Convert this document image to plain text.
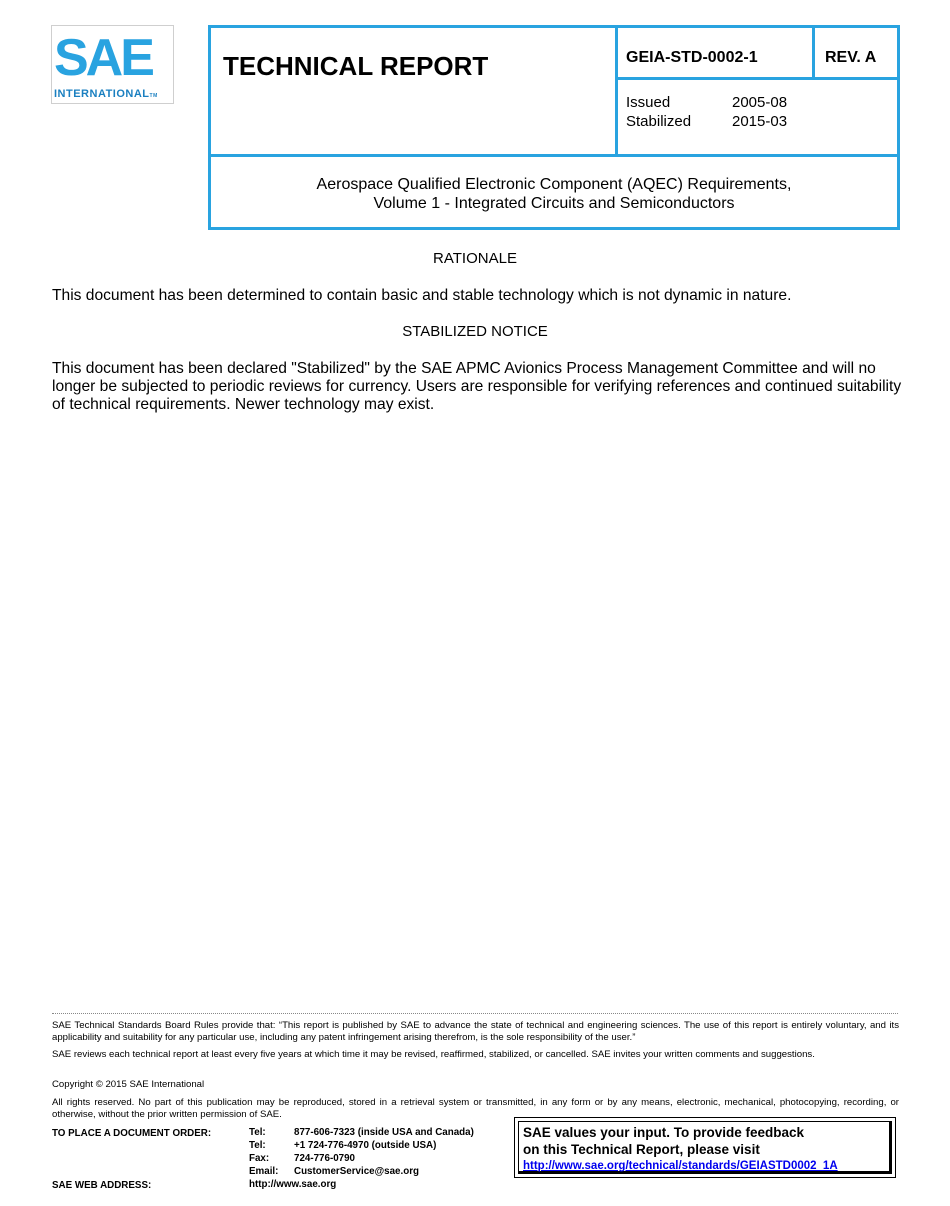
SAE
INTERNATIONALTM
TECHNICAL REPORT	GEIA-STD-0002-1	REV. A
Issued	2005-08
Stabilized	2015-03
Aerospace Qualified Electronic Component (AQEC) Requirements,
Volume 1 - Integrated Circuits and Semiconductors
RATIONALE
This document has been determined to contain basic and stable technology which is not dynamic in nature.
STABILIZED NOTICE
This document has been declared "Stabilized" by the SAE APMC Avionics Process Management Committee and will no longer be subjected to periodic reviews for currency. Users are responsible for verifying references and continued suitability of technical requirements. Newer technology may exist.
SAE Technical Standards Board Rules provide that: “This report is published by SAE to advance the state of technical and engineering sciences. The use of this report is entirely voluntary, and its applicability and suitability for any particular use, including any patent infringement arising therefrom, is the sole responsibility of the user.”
SAE reviews each technical report at least every five years at which time it may be revised, reaffirmed, stabilized, or cancelled. SAE invites your written comments and suggestions.
Copyright © 2015 SAE International
All rights reserved. No part of this publication may be reproduced, stored in a retrieval system or transmitted, in any form or by any means, electronic, mechanical, photocopying, recording, or otherwise, without the prior written permission of SAE.
TO PLACE A DOCUMENT ORDER:
SAE WEB ADDRESS:
Tel:	877-606-7323 (inside USA and Canada)
Tel:	+1 724-776-4970 (outside USA)
Fax:	724-776-0790
Email: CustomerService@sae.org
http://www.sae.org
SAE values your input. To provide feedback
on this Technical Report, please visit
http://www.sae.org/technical/standards/GEIASTD0002_1A
